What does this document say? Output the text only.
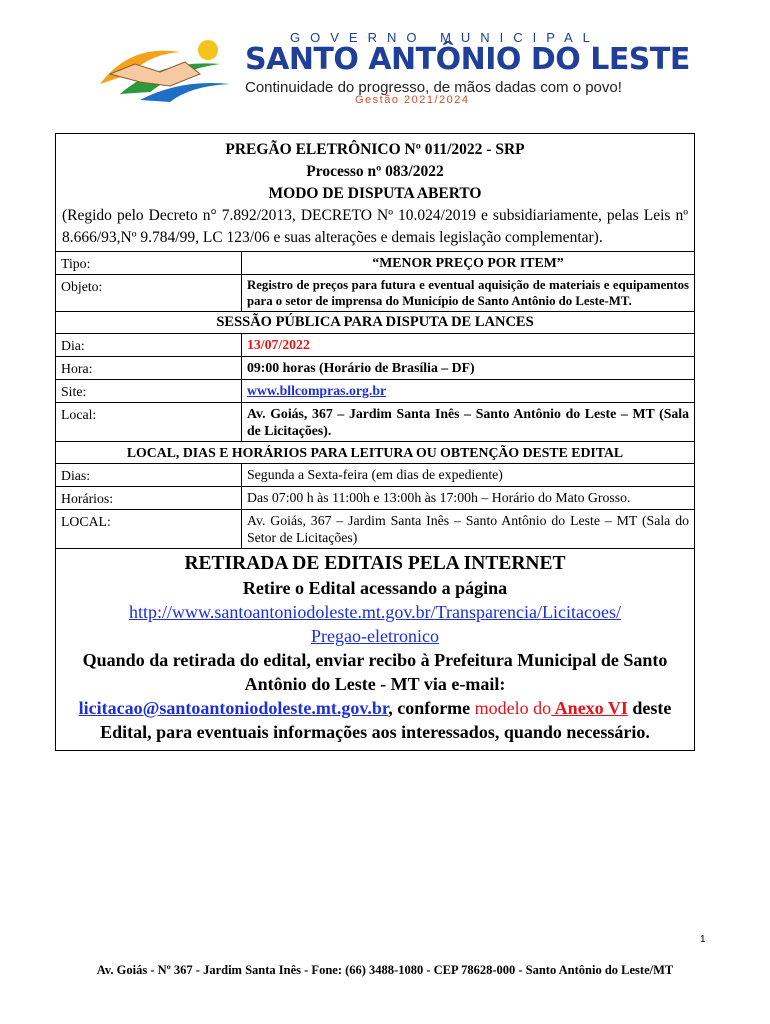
GOVERNO MUNICIPAL
SANTO ANTÔNIO DO LESTE
Continuidade do progresso, de mãos dadas com o povo!
Gestão 2021/2024
PREGÃO ELETRÔNICO Nº 011/2022 - SRP
Processo nº 083/2022
MODO DE DISPUTA ABERTO
(Regido pelo Decreto n° 7.892/2013, DECRETO Nº 10.024/2019 e subsidiariamente, pelas Leis nº 8.666/93,Nº 9.784/99, LC 123/06 e suas alterações e demais legislação complementar).
Tipo:	“MENOR PREÇO POR ITEM”
Objeto:	Registro de preços para futura e eventual aquisição de materiais e equipamentos para o setor de imprensa do Município de Santo Antônio do Leste-MT.
SESSÃO PÚBLICA PARA DISPUTA DE LANCES	
Dia:	13/07/2022
Hora:	09:00 horas (Horário de Brasília – DF)
Site:	www.bllcompras.org.br
Local:	Av. Goiás, 367 – Jardim Santa Inês – Santo Antônio do Leste – MT (Sala de Licitações).
LOCAL, DIAS E HORÁRIOS PARA LEITURA OU OBTENÇÃO DESTE EDITAL	
Dias:	Segunda a Sexta-feira (em dias de expediente)
Horários:	Das 07:00 h às 11:00h e 13:00h às 17:00h – Horário do Mato Grosso.
LOCAL:	Av. Goiás, 367 – Jardim Santa Inês – Santo Antônio do Leste – MT (Sala do Setor de Licitações)
RETIRADA DE EDITAIS PELA INTERNET
Retire o Edital acessando a página
http://www.santoantoniodoleste.mt.gov.br/Transparencia/Licitacoes/
Pregao-eletronico
Quando da retirada do edital, enviar recibo à Prefeitura Municipal de Santo Antônio do Leste - MT via e-mail:
licitacao@santoantoniodoleste.mt.gov.br, conforme modelo do Anexo VI deste Edital, para eventuais informações aos interessados, quando necessário.
1
Av. Goiás - Nº 367 - Jardim Santa Inês - Fone: (66) 3488-1080 - CEP 78628-000 - Santo Antônio do Leste/MT
